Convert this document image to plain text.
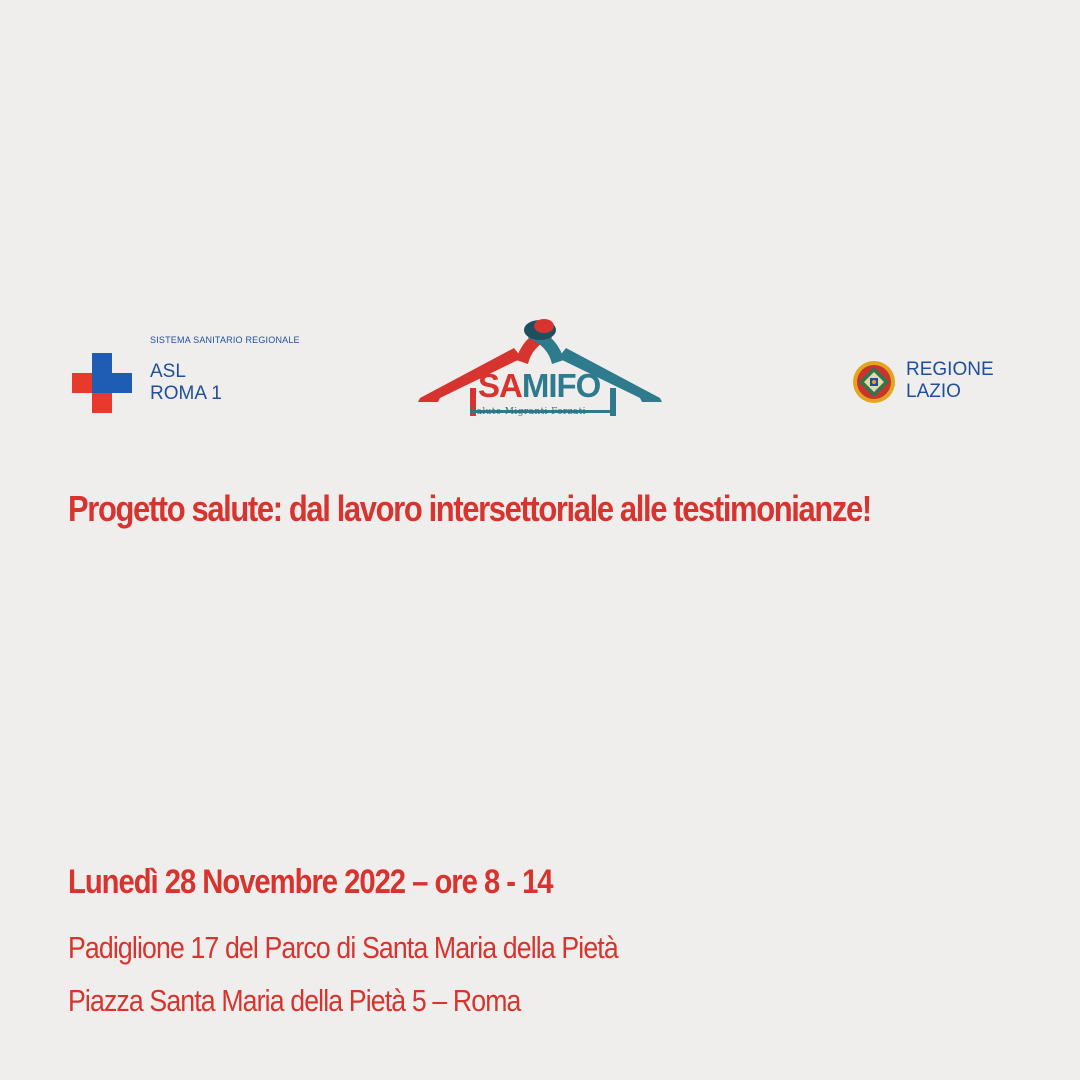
SISTEMA SANITARIO REGIONALE
ASL
ROMA 1	SAMIFO
Salute Migranti Forzati
REGIONE
LAZIO
Progetto salute: dal lavoro intersettoriale alle testimonianze!
Lunedì 28 Novembre 2022 – ore 8 - 14
Padiglione 17 del Parco di Santa Maria della Pietà
Piazza Santa Maria della Pietà 5 – Roma
